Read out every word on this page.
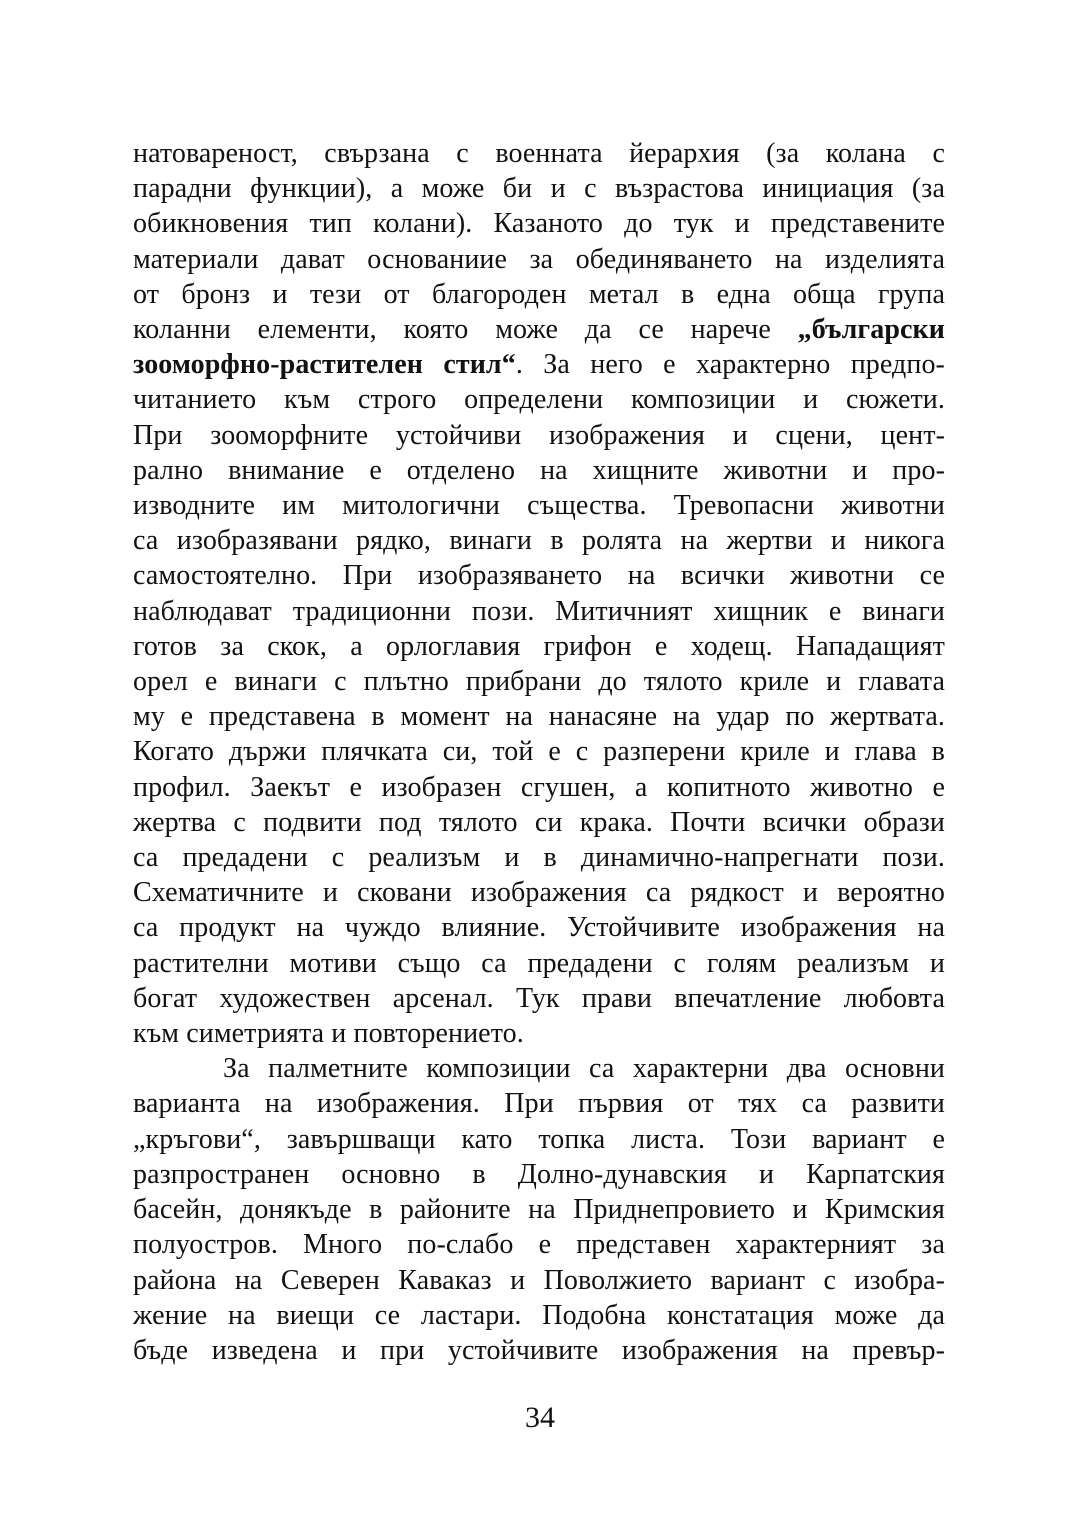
натовареност, свързана с военната йерархия (за колана с
парадни функции), а може би и с възрастова инициация (за
обикновения тип колани). Казаното до тук и представените
материали дават основаниие за обединяването на изделията
от бронз и тези от благороден метал в една обща група
коланни елементи, която може да се нарече „български
зооморфно-растителен стил“. За него е характерно предпо-
читанието към строго определени композиции и сюжети.
При зооморфните устойчиви изображения и сцени, цент-
рално внимание е отделено на хищните животни и про-
изводните им митологични същества. Тревопасни животни
са изобразявани рядко, винаги в ролята на жертви и никога
самостоятелно. При изобразяването на всички животни се
наблюдават традиционни пози. Митичният хищник е винаги
готов за скок, а орлоглавия грифон е ходещ. Нападащият
орел е винаги с плътно прибрани до тялото криле и главата
му е представена в момент на нанасяне на удар по жертвата.
Когато държи плячката си, той е с разперени криле и глава в
профил. Заекът е изобразен сгушен, а копитното животно е
жертва с подвити под тялото си крака. Почти всички образи
са предадени с реализъм и в динамично-напрегнати пози.
Схематичните и сковани изображения са рядкост и вероятно
са продукт на чуждо влияние. Устойчивите изображения на
растителни мотиви също са предадени с голям реализъм и
богат художествен арсенал. Тук прави впечатление любовта
към симетрията и повторението.
За палметните композиции са характерни два основни
варианта на изображения. При първия от тях са развити
„кръгови“, завършващи като топка листа. Този вариант е
разпространен основно в Долно-дунавския и Карпатския
басейн, донякъде в районите на Приднепровието и Кримския
полуостров. Много по-слабо е представен характерният за
района на Северен Каваказ и Поволжието вариант с изобра-
жение на виещи се ластари. Подобна констатация може да
бъде изведена и при устойчивите изображения на превър-
34
